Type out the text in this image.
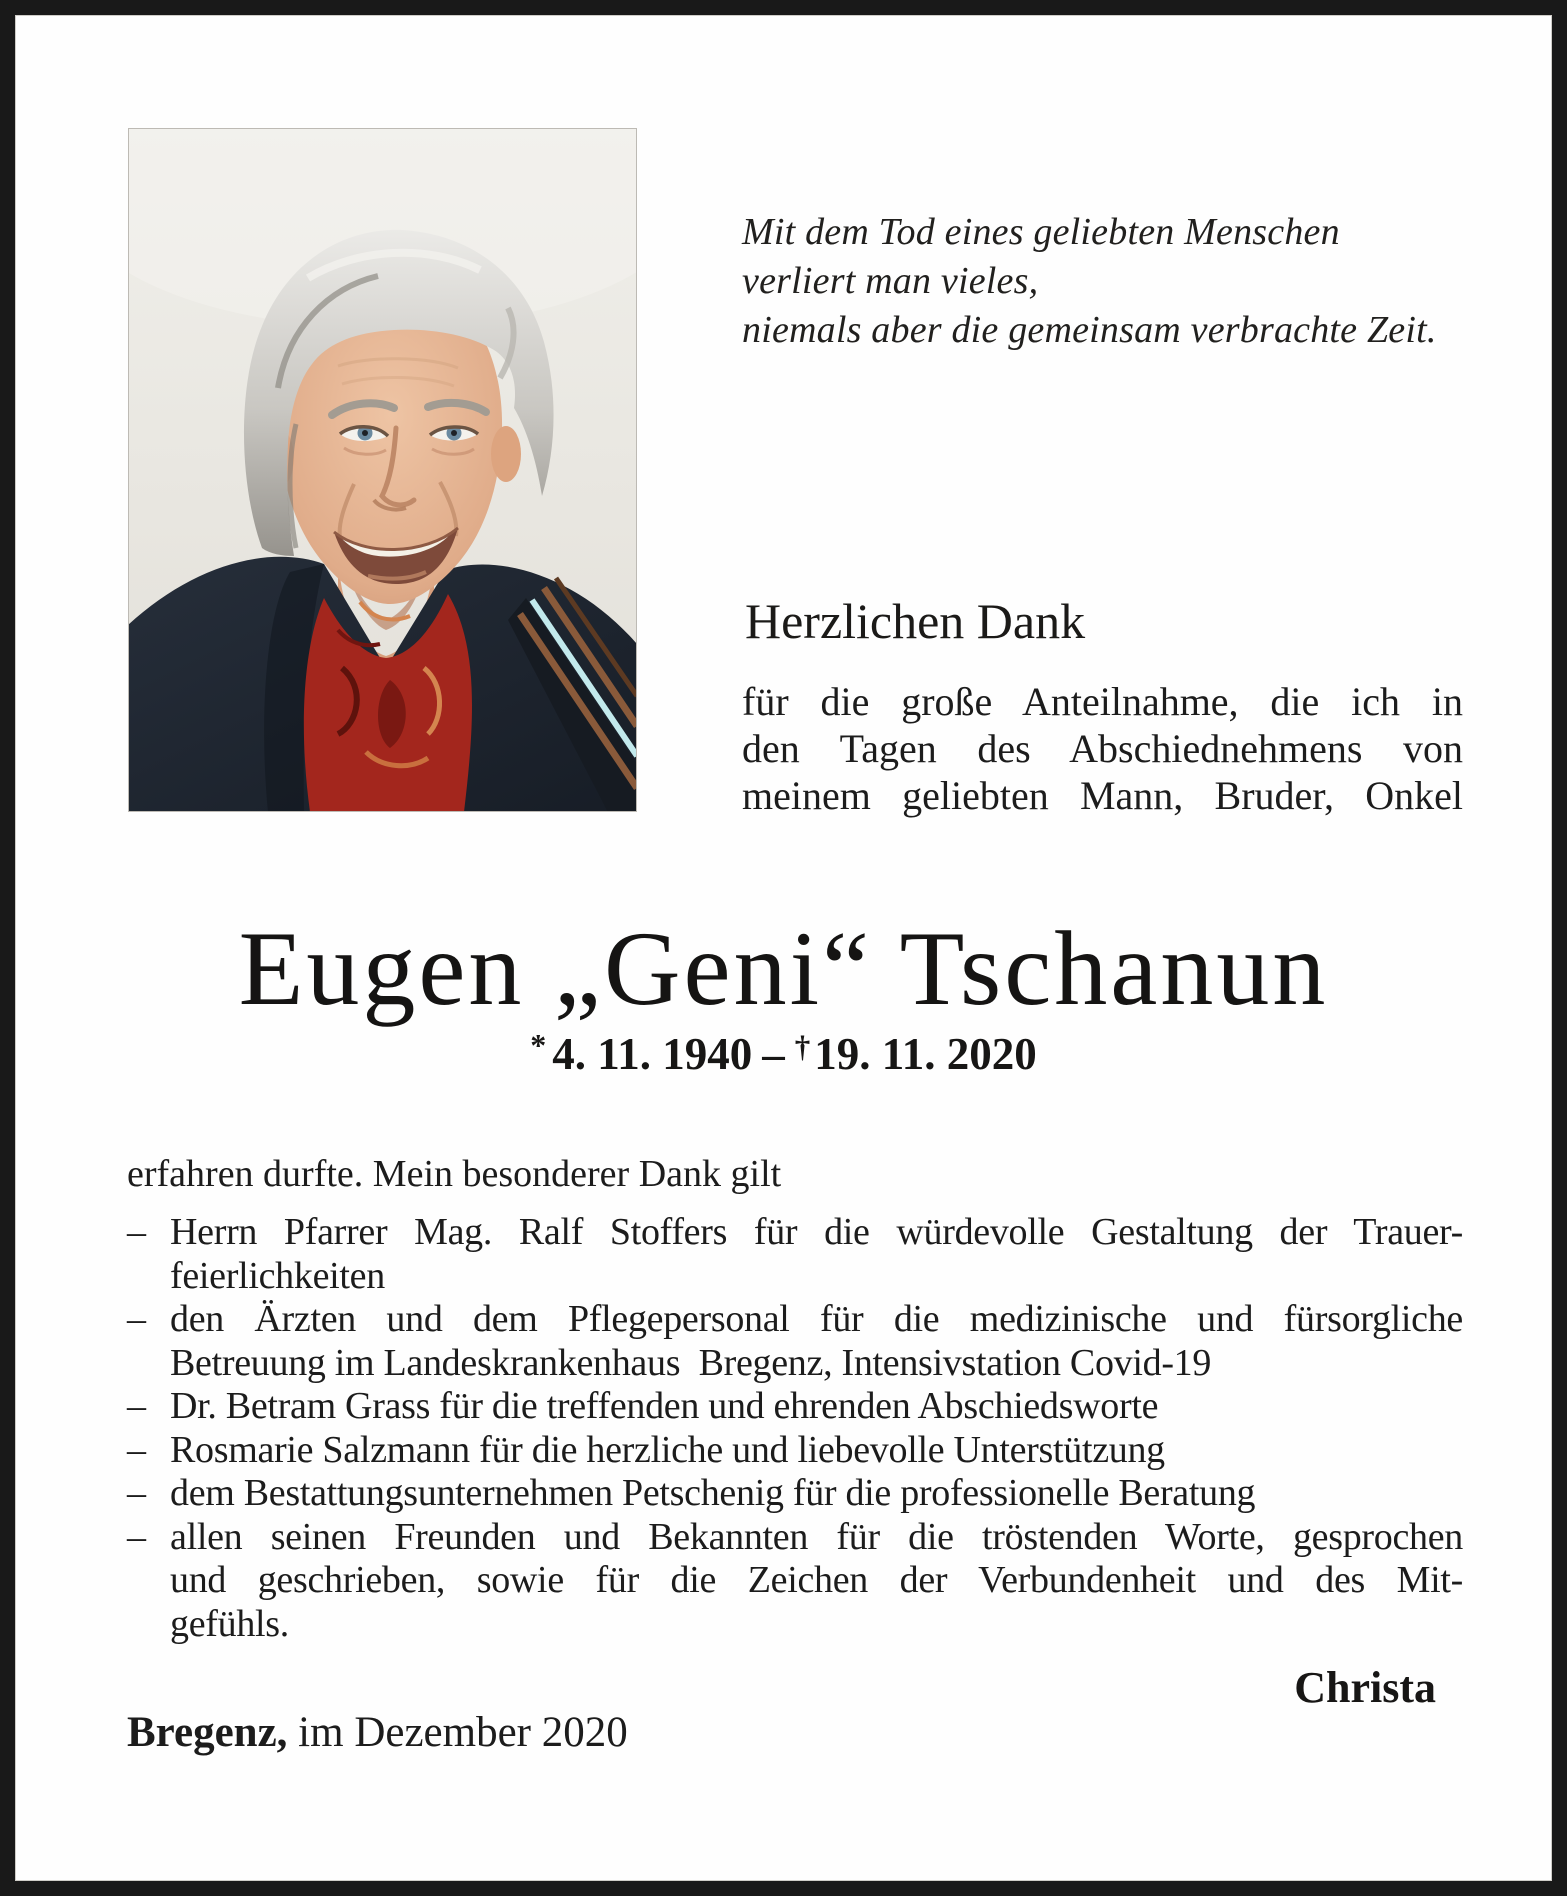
Mit dem Tod eines geliebten Menschen
verliert man vieles,
niemals aber die gemeinsam verbrachte Zeit.
Herzlichen Dank
für die große Anteilnahme, die ich in
den Tagen des Abschiednehmens von
meinem geliebten Mann, Bruder, Onkel
Eugen „Geni“ Tschanun
* 4. 11. 1940 – †19. 11. 2020
erfahren durfte. Mein besonderer Dank gilt
– Herrn Pfarrer Mag. Ralf Stoffers für die würdevolle Gestaltung der Trauer-
feierlichkeiten
– den Ärzten und dem Pflegepersonal für die medizinische und fürsorgliche
Betreuung im Landeskrankenhaus  Bregenz, Intensivstation Covid-19
– Dr. Betram Grass für die treffenden und ehrenden Abschiedsworte
– Rosmarie Salzmann für die herzliche und liebevolle Unterstützung
– dem Bestattungsunternehmen Petschenig für die professionelle Beratung
– allen seinen Freunden und Bekannten für die tröstenden Worte, gesprochen
und geschrieben, sowie für die Zeichen der Verbundenheit und des Mit-
gefühls.
Christa
Bregenz, im Dezember 2020
